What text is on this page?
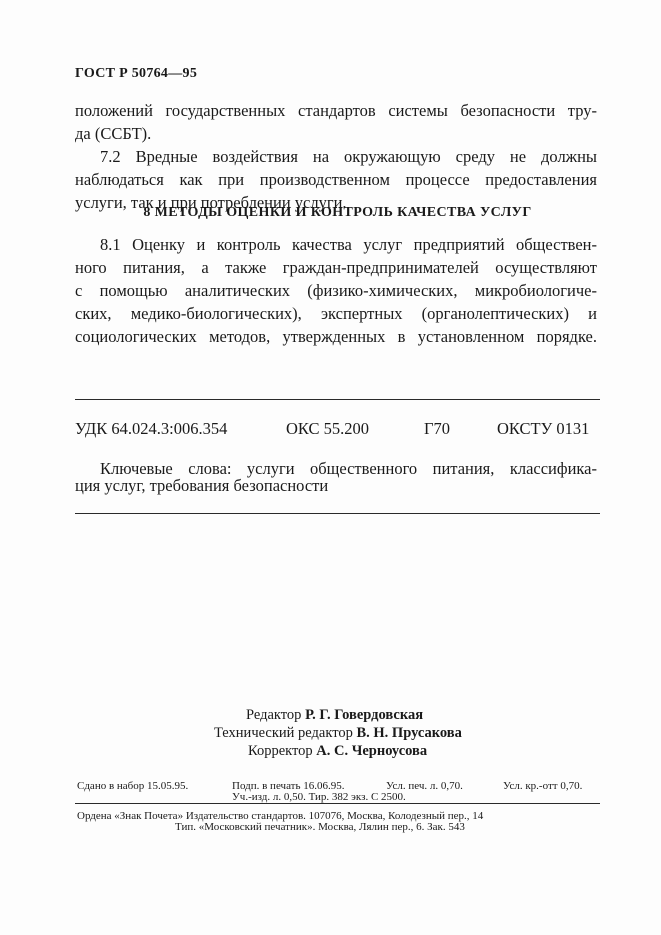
ГОСТ Р 50764—95
положений государственных стандартов системы безопасности тру-
да (ССБТ).
7.2 Вредные воздействия на окружающую среду не должны
наблюдаться как при производственном процессе предоставления
услуги, так и при потреблении услуги.
8 МЕТОДЫ ОЦЕНКИ И КОНТРОЛЬ КАЧЕСТВА УСЛУГ
8.1 Оценку и контроль качества услуг предприятий обществен-
ного питания, а также граждан-предпринимателей осуществляют
с помощью аналитических (физико-химических, микробиологиче-
ских, медико-биологических), экспертных (органолептических) и
социологических методов, утвержденных в установленном порядке.
УДК 64.024.3:006.354	ОКС 55.200	Г70	ОКСТУ 0131
Ключевые слова: услуги общественного питания, классифика-
ция услуг, требования безопасности
Редактор Р. Г. Говердовская
Технический редактор В. Н. Прусакова
Корректор А. С. Черноусова
Сдано в набор 15.05.95.	Подп. в печать 16.06.95.	Усл. печ. л. 0,70.	Усл. кр.-отт 0,70.
Уч.-изд. л. 0,50. Тир. 382 экз. С 2500.
Ордена «Знак Почета» Издательство стандартов. 107076, Москва, Колодезный пер., 14
Тип. «Московский печатник». Москва, Лялин пер., 6. Зак. 543
